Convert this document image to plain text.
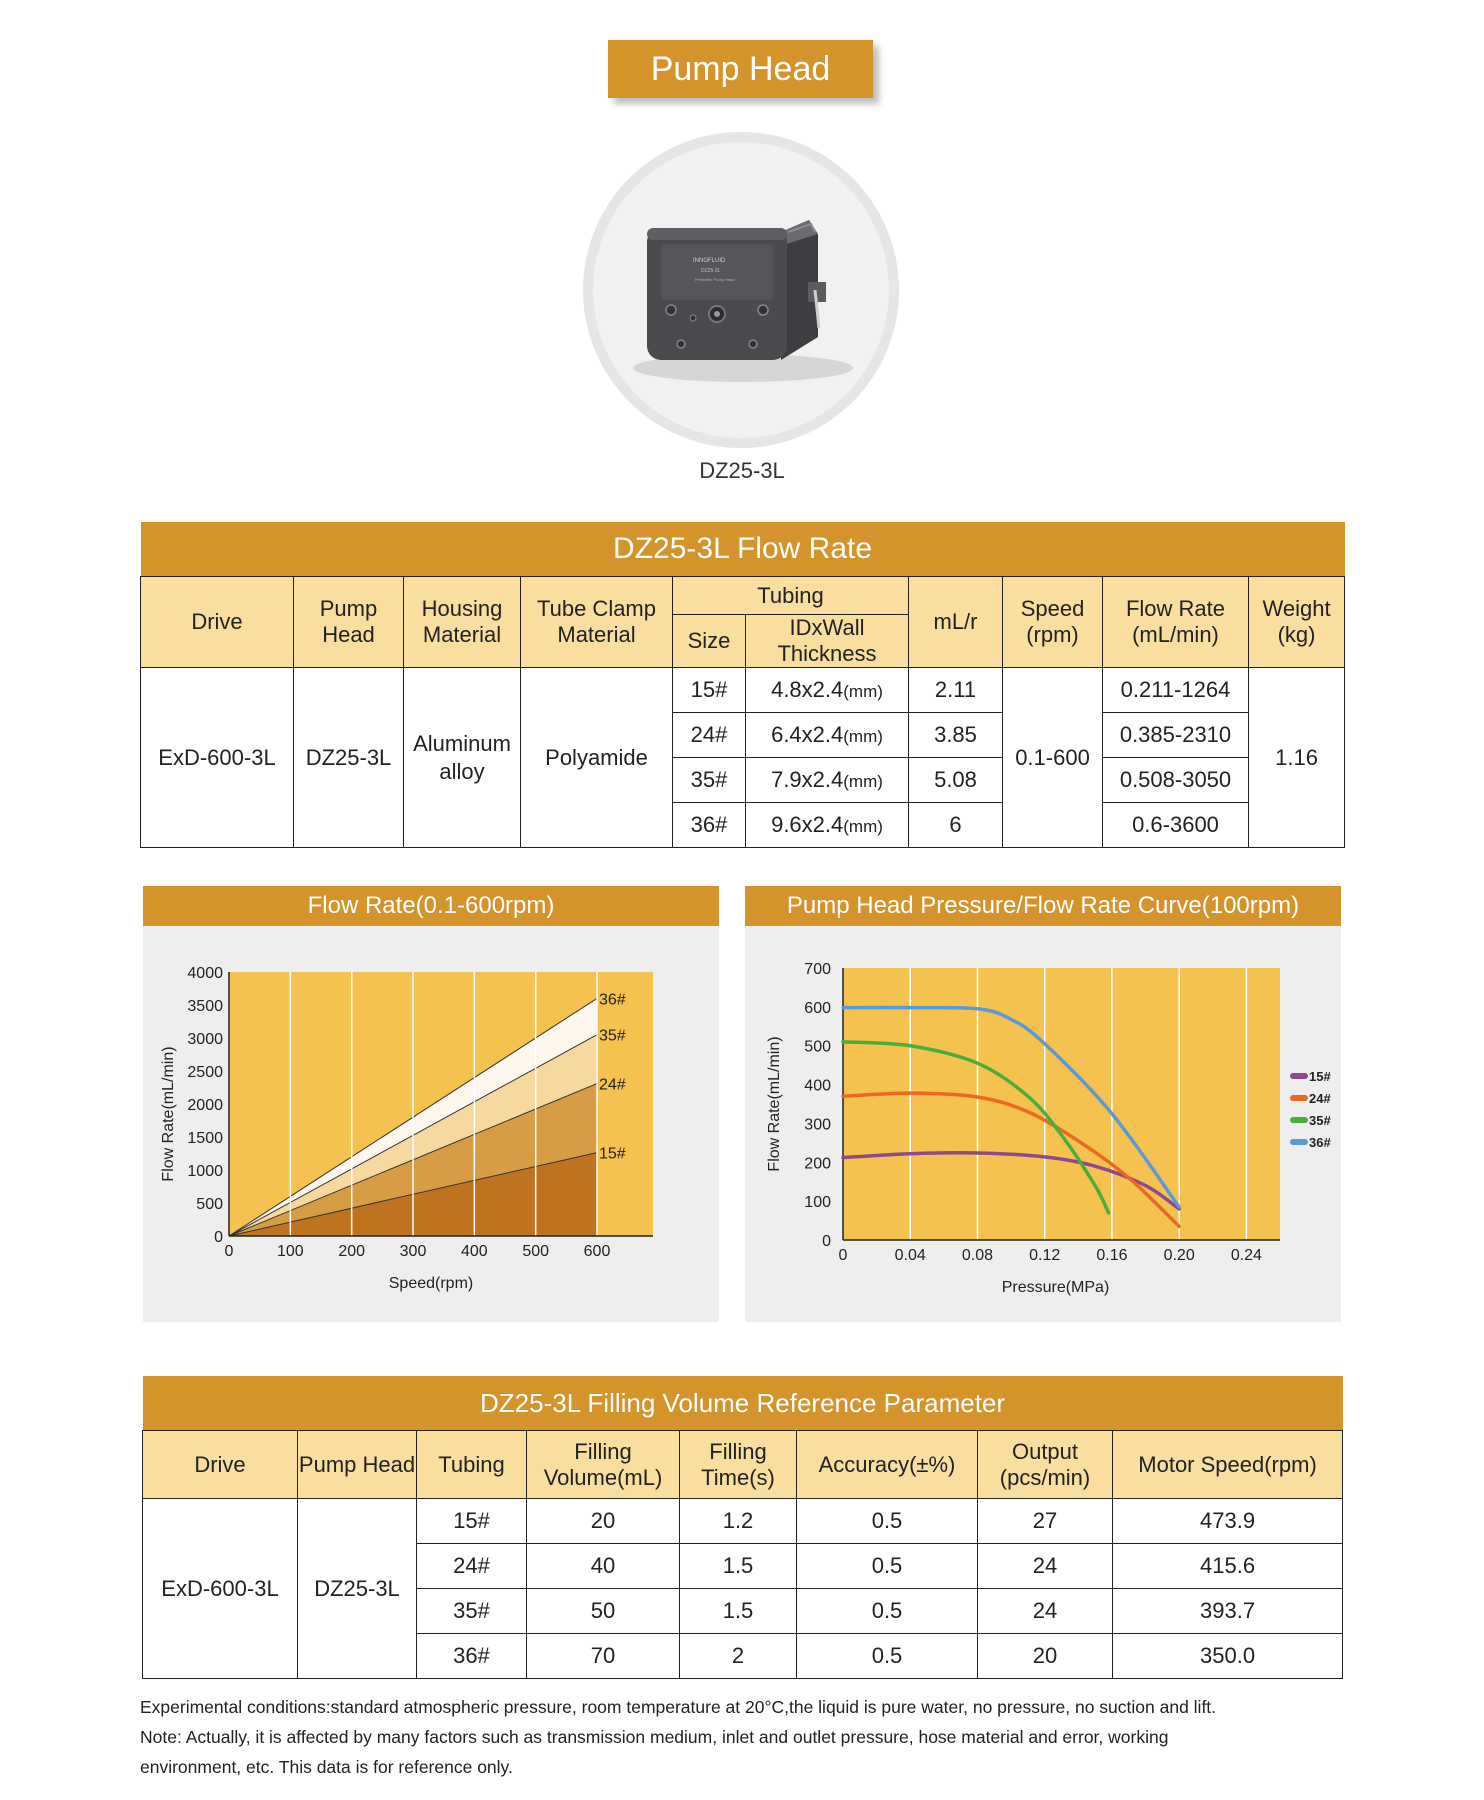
Pump Head
INNOFLUID
DZ25-3L
Peristaltic Pump Head
DZ25-3L
DZ25-3L Flow Rate									
Drive	Pump Head	Housing Material	Tube Clamp Material	Tubing		mL/r	Speed (rpm)	Flow Rate (mL/min)	Weight (kg)
				Size	IDxWall Thickness				
ExD-600-3L	DZ25-3L	Aluminum alloy	Polyamide	15#	4.8x2.4(mm)	2.11	0.1-600	0.211-1264	1.16
				24#	6.4x2.4(mm)	3.85		0.385-2310	
				35#	7.9x2.4(mm)	5.08		0.508-3050	
				36#	9.6x2.4(mm)	6		0.6-3600	
Flow Rate(0.1-600rpm)
36#
35#
24#
15#
0
500
1000
1500
2000
2500
3000
3500
4000
0	100 200 300 400 500 600
Speed(rpm)
Flow Rate(mL/min)
Pump Head Pressure/Flow Rate Curve(100rpm)
0
100
200
300
400
500
600
700
0	0.04 0.08 0.12 0.16 0.20 0.24
Pressure(MPa)
Flow Rate(mL/min)	15#
24#
35#
36#
DZ25-3L Filling Volume Reference Parameter							
Drive	Pump Head	Tubing	Filling Volume(mL)	Filling Time(s)	Accuracy(±%)	Output (pcs/min)	Motor Speed(rpm)
ExD-600-3L	DZ25-3L	15#	20	1.2	0.5	27	473.9
		24#	40	1.5	0.5	24	415.6
		35#	50	1.5	0.5	24	393.7
		36#	70	2	0.5	20	350.0
Experimental conditions:standard atmospheric pressure, room temperature at 20°C,the liquid is pure water, no pressure, no suction and lift.
Note: Actually, it is affected by many factors such as transmission medium, inlet and outlet pressure, hose material and error, working
environment, etc. This data is for reference only.
